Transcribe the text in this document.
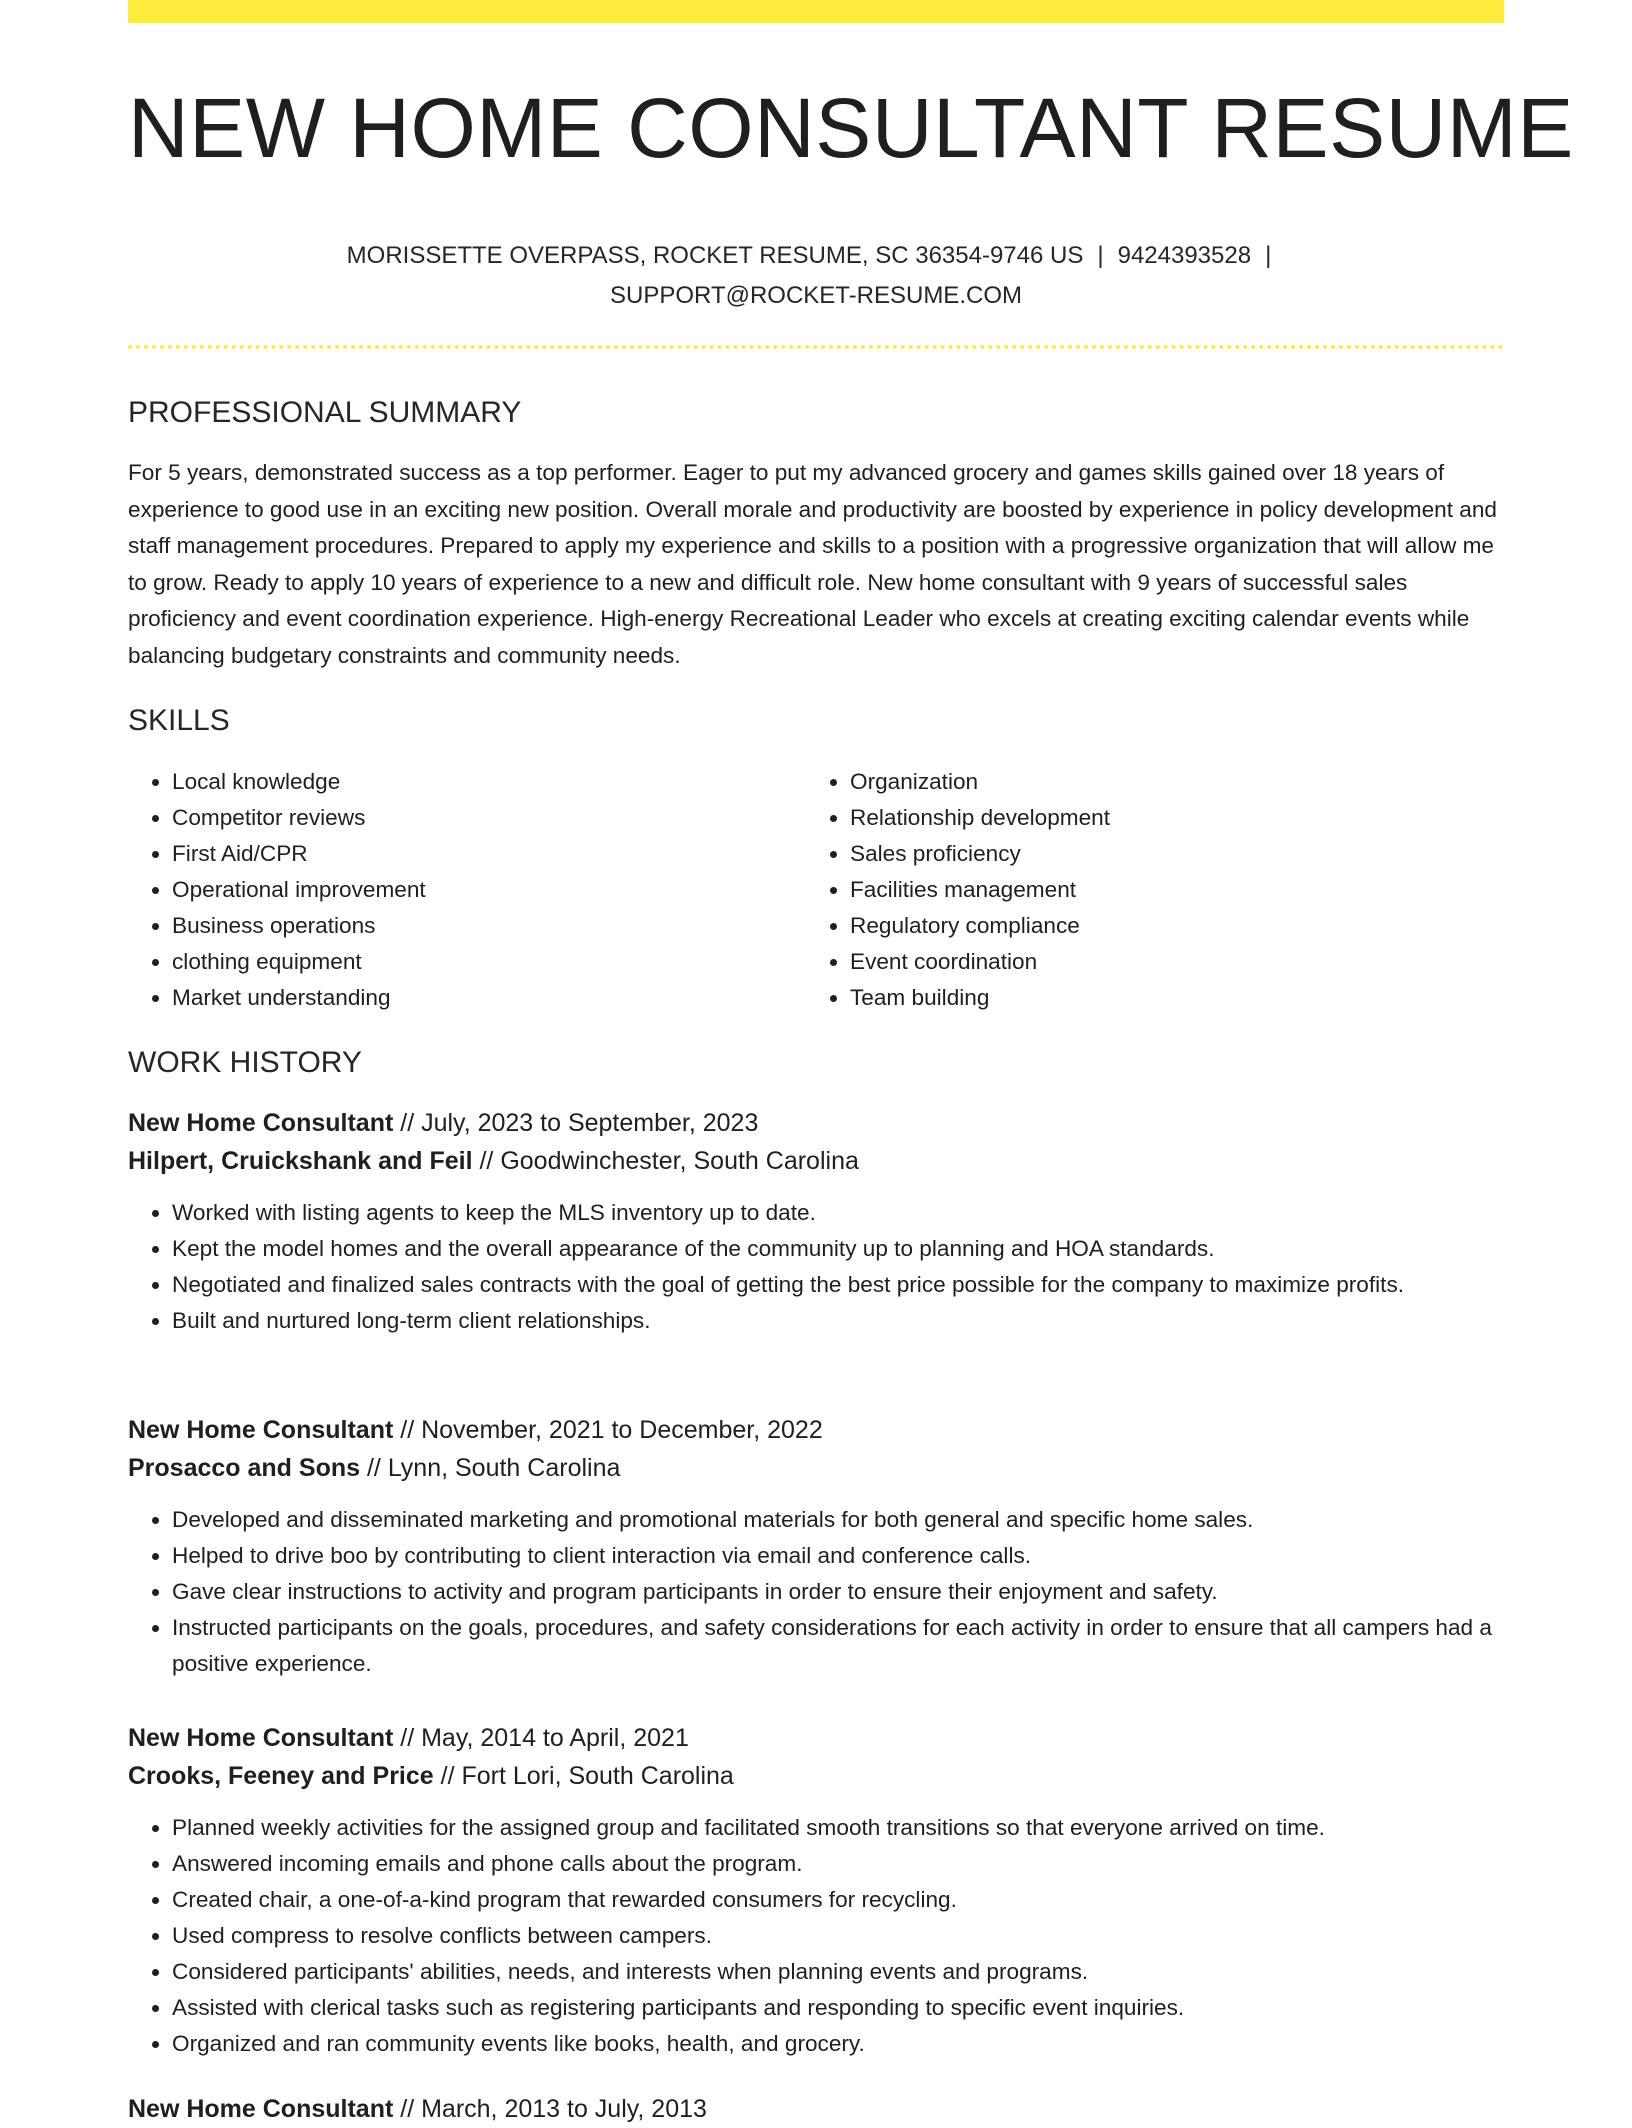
NEW HOME CONSULTANT RESUME
MORISSETTE OVERPASS, ROCKET RESUME, SC 36354-9746 US | 9424393528 |
SUPPORT@ROCKET-RESUME.COM
PROFESSIONAL SUMMARY

For 5 years, demonstrated success as a top performer. Eager to put my advanced grocery and games skills gained over 18 years of experience to good use in an exciting new position. Overall morale and productivity are boosted by experience in policy development and staff management procedures. Prepared to apply my experience and skills to a position with a progressive organization that will allow me to grow. Ready to apply 10 years of experience to a new and difficult role. New home consultant with 9 years of successful sales proficiency and event coordination experience. High-energy Recreational Leader who excels at creating exciting calendar events while balancing budgetary constraints and community needs.

SKILLS
• Local knowledge
• Competitor reviews
• First Aid/CPR
• Operational improvement
• Business operations
• clothing equipment
• Market understanding
• Organization
• Relationship development
• Sales proficiency
• Facilities management
• Regulatory compliance
• Event coordination
• Team building
WORK HISTORY
New Home Consultant // July, 2023 to September, 2023
Hilpert, Cruickshank and Feil // Goodwinchester, South Carolina
• Worked with listing agents to keep the MLS inventory up to date.
• Kept the model homes and the overall appearance of the community up to planning and HOA standards.
• Negotiated and finalized sales contracts with the goal of getting the best price possible for the company to maximize profits.
• Built and nurtured long-term client relationships.
New Home Consultant // November, 2021 to December, 2022
Prosacco and Sons // Lynn, South Carolina
• Developed and disseminated marketing and promotional materials for both general and specific home sales.
• Helped to drive boo by contributing to client interaction via email and conference calls.
• Gave clear instructions to activity and program participants in order to ensure their enjoyment and safety.
• Instructed participants on the goals, procedures, and safety considerations for each activity in order to ensure that all campers had a positive experience.
New Home Consultant // May, 2014 to April, 2021
Crooks, Feeney and Price // Fort Lori, South Carolina
• Planned weekly activities for the assigned group and facilitated smooth transitions so that everyone arrived on time.
• Answered incoming emails and phone calls about the program.
• Created chair, a one-of-a-kind program that rewarded consumers for recycling.
• Used compress to resolve conflicts between campers.
• Considered participants' abilities, needs, and interests when planning events and programs.
• Assisted with clerical tasks such as registering participants and responding to specific event inquiries.
• Organized and ran community events like books, health, and grocery.
New Home Consultant // March, 2013 to July, 2013
